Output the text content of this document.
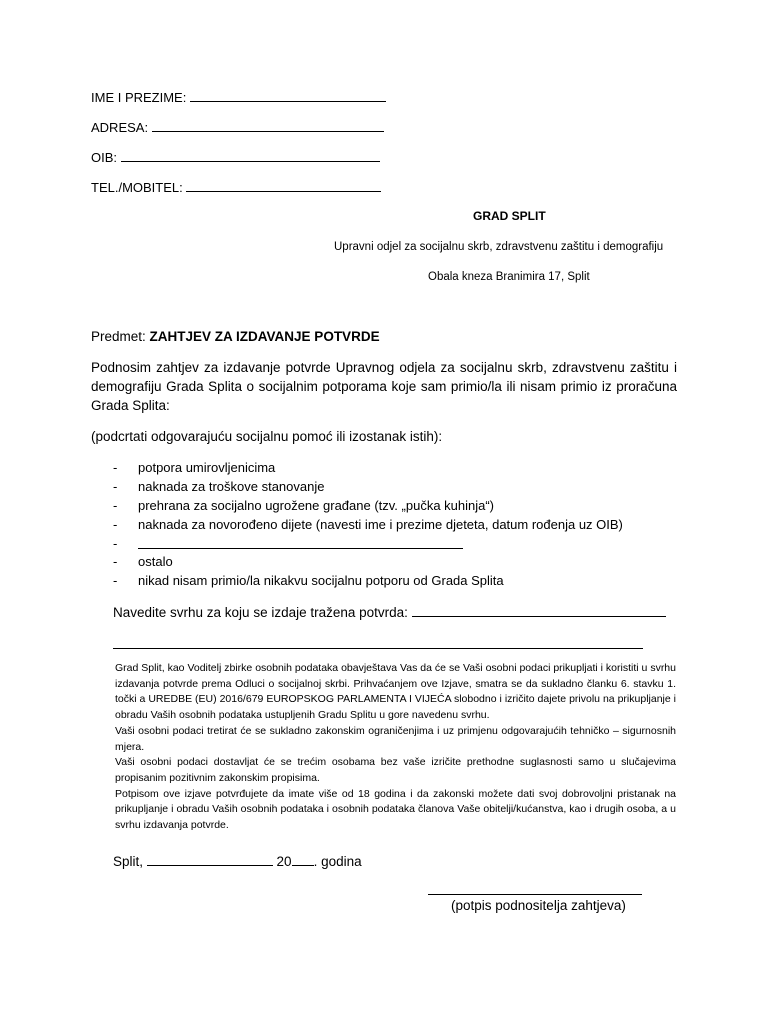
IME I PREZIME:
ADRESA:
OIB:
TEL./MOBITEL:
GRAD SPLIT
Upravni odjel za socijalnu skrb, zdravstvenu zaštitu i demografiju
Obala kneza Branimira 17, Split
Predmet: ZAHTJEV ZA IZDAVANJE POTVRDE
Podnosim zahtjev za izdavanje potvrde Upravnog odjela za socijalnu skrb, zdravstvenu zaštitu i demografiju Grada Splita o socijalnim potporama koje sam primio/la ili nisam primio iz proračuna Grada Splita:
(podcrtati odgovarajuću socijalnu pomoć ili izostanak istih):
- potpora umirovljenicima
- naknada za troškove stanovanje
- prehrana za socijalno ugrožene građane (tzv. „pučka kuhinja“)
- naknada za novorođeno dijete (navesti ime i prezime djeteta, datum rođenja uz OIB)
-
- ostalo
- nikad nisam primio/la nikakvu socijalnu potporu od Grada Splita
Navedite svrhu za koju se izdaje tražena potvrda:
Grad Split, kao Voditelj zbirke osobnih podataka obavještava Vas da će se Vaši osobni podaci prikupljati i koristiti u svrhu izdavanja potvrde prema Odluci o socijalnoj skrbi. Prihvaćanjem ove Izjave, smatra se da sukladno članku 6. stavku 1. točki a UREDBE (EU) 2016/679 EUROPSKOG PARLAMENTA I VIJEĆA slobodno i izričito dajete privolu na prikupljanje i obradu Vaših osobnih podataka ustupljenih Gradu Splitu u gore navedenu svrhu.
Vaši osobni podaci tretirat će se sukladno zakonskim ograničenjima i uz primjenu odgovarajućih tehničko – sigurnosnih mjera.
Vaši osobni podaci dostavljat će se trećim osobama bez vaše izričite prethodne suglasnosti samo u slučajevima propisanim pozitivnim zakonskim propisima.
Potpisom ove izjave potvrđujete da imate više od 18 godina i da zakonski možete dati svoj dobrovoljni pristanak na prikupljanje i obradu Vaših osobnih podataka i osobnih podataka članova Vaše obitelji/kućanstva, kao i drugih osoba, a u svrhu izdavanja potvrde.
Split,	20 . godina
(potpis podnositelja zahtjeva)
